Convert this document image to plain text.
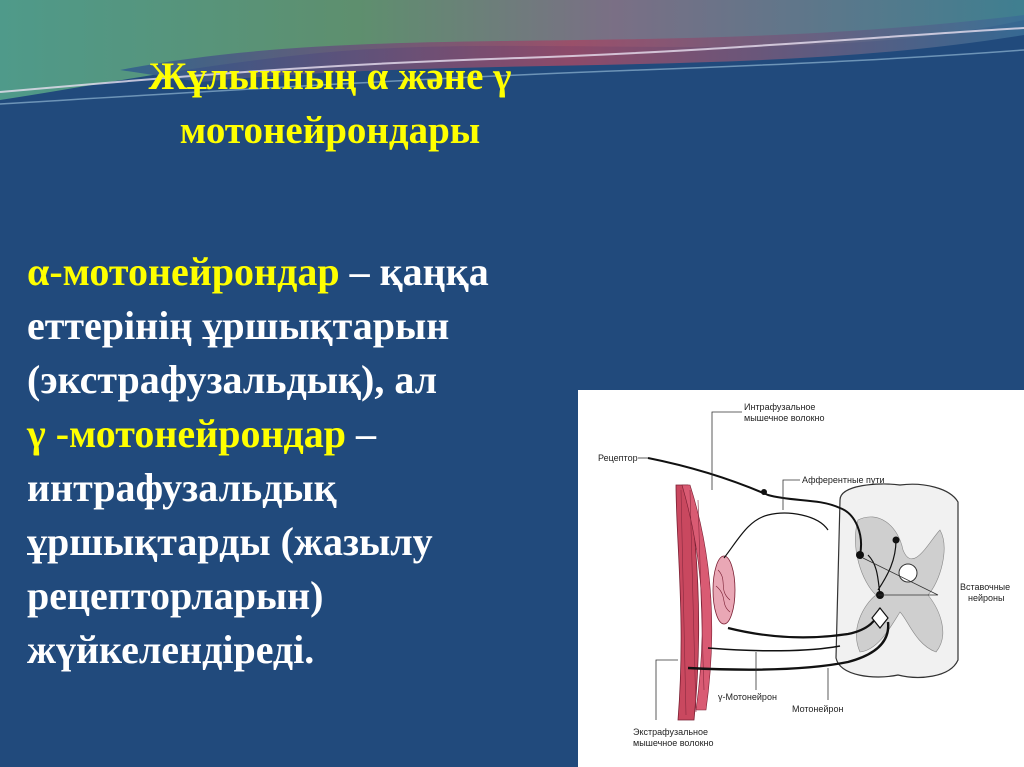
Жұлынның α және γ
мотонейрондары
α-мотонейрондар – қаңқа
еттерінің ұршықтарын
(экстрафузальдық), ал
γ -мотонейрондар –
интрафузальдық
ұршықтарды (жазылу
рецепторларын)
жүйкелендіреді.
Интрафузальное
мышечное волокно
Рецептор
Афферентные пути
Вставочные
нейроны
γ-Мотонейрон
Мотонейрон
Экстрафузальное
мышечное волокно
